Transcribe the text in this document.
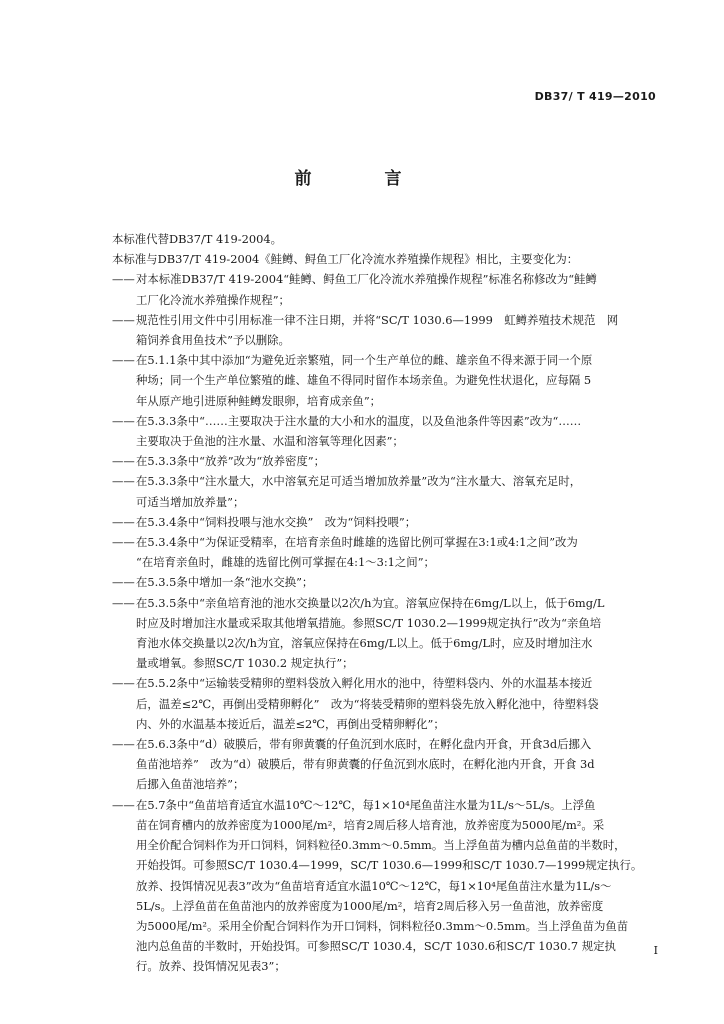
DB37/ T 419—2010
前　言

本标准代替DB37/T 419-2004。

本标准与DB37/T 419-2004《鲑鳟、鲟鱼工厂化冷流水养殖操作规程》相比，主要变化为：

——对本标准DB37/T 419-2004“鲑鳟、鲟鱼工厂化冷流水养殖操作规程”标准名称修改为“鲑鳟
工厂化冷流水养殖操作规程”；
——规范性引用文件中引用标准一律不注日期，并将“SC/T 1030.6—1999　虹鳟养殖技术规范　网
箱饲养食用鱼技术”予以删除。
——在5.1.1条中其中添加“为避免近亲繁殖，同一个生产单位的雌、雄亲鱼不得来源于同一个原
种场；同一个生产单位繁殖的雌、雄鱼不得同时留作本场亲鱼。为避免性状退化，应每隔 5
年从原产地引进原种鲑鳟发眼卵，培育成亲鱼”；
——在5.3.3条中“……主要取决于注水量的大小和水的温度，以及鱼池条件等因素”改为“……
主要取决于鱼池的注水量、水温和溶氧等理化因素”；
——在5.3.3条中“放养”改为“放养密度”；
——在5.3.3条中“注水量大，水中溶氧充足可适当增加放养量”改为“注水量大、溶氧充足时，
可适当增加放养量”；
——在5.3.4条中“饲料投喂与池水交换”　改为“饲料投喂”；
——在5.3.4条中“为保证受精率，在培育亲鱼时雌雄的选留比例可掌握在3:1或4:1之间”改为
“在培育亲鱼时，雌雄的选留比例可掌握在4:1～3:1之间”；
——在5.3.5条中增加一条“池水交换”；
——在5.3.5条中“亲鱼培育池的池水交换量以2次/h为宜。溶氧应保持在6mg/L以上，低于6mg/L
时应及时增加注水量或采取其他增氧措施。参照SC/T 1030.2—1999规定执行”改为“亲鱼培
育池水体交换量以2次/h为宜，溶氧应保持在6mg/L以上。低于6mg/L时，应及时增加注水
量或增氧。参照SC/T 1030.2 规定执行”；
——在5.5.2条中“运输装受精卵的塑料袋放入孵化用水的池中，待塑料袋内、外的水温基本接近
后，温差≤2℃，再倒出受精卵孵化”　改为“将装受精卵的塑料袋先放入孵化池中，待塑料袋
内、外的水温基本接近后，温差≤2℃，再倒出受精卵孵化”；
——在5.6.3条中“d）破膜后，带有卵黄囊的仔鱼沉到水底时，在孵化盘内开食，开食3d后挪入
鱼苗池培养”　改为“d）破膜后，带有卵黄囊的仔鱼沉到水底时，在孵化池内开食，开食 3d
后挪入鱼苗池培养”；
——在5.7条中“鱼苗培育适宜水温10℃～12℃，每1×10⁴尾鱼苗注水量为1L/s～5L/s。上浮鱼
苗在饲育槽内的放养密度为1000尾/m²，培育2周后移人培育池，放养密度为5000尾/m²。采
用全价配合饲料作为开口饲料，饲料粒径0.3mm～0.5mm。当上浮鱼苗为槽内总鱼苗的半数时，
开始投饵。可参照SC/T 1030.4—1999，SC/T 1030.6—1999和SC/T 1030.7—1999规定执行。
放养、投饵情况见表3”改为“鱼苗培育适宜水温10℃～12℃，每1×10⁴尾鱼苗注水量为1L/s～
5L/s。上浮鱼苗在鱼苗池内的放养密度为1000尾/m²，培育2周后移入另一鱼苗池，放养密度
为5000尾/m²。采用全价配合饲料作为开口饲料，饲料粒径0.3mm～0.5mm。当上浮鱼苗为鱼苗
池内总鱼苗的半数时，开始投饵。可参照SC/T 1030.4，SC/T 1030.6和SC/T 1030.7 规定执
行。放养、投饵情况见表3”；
I
